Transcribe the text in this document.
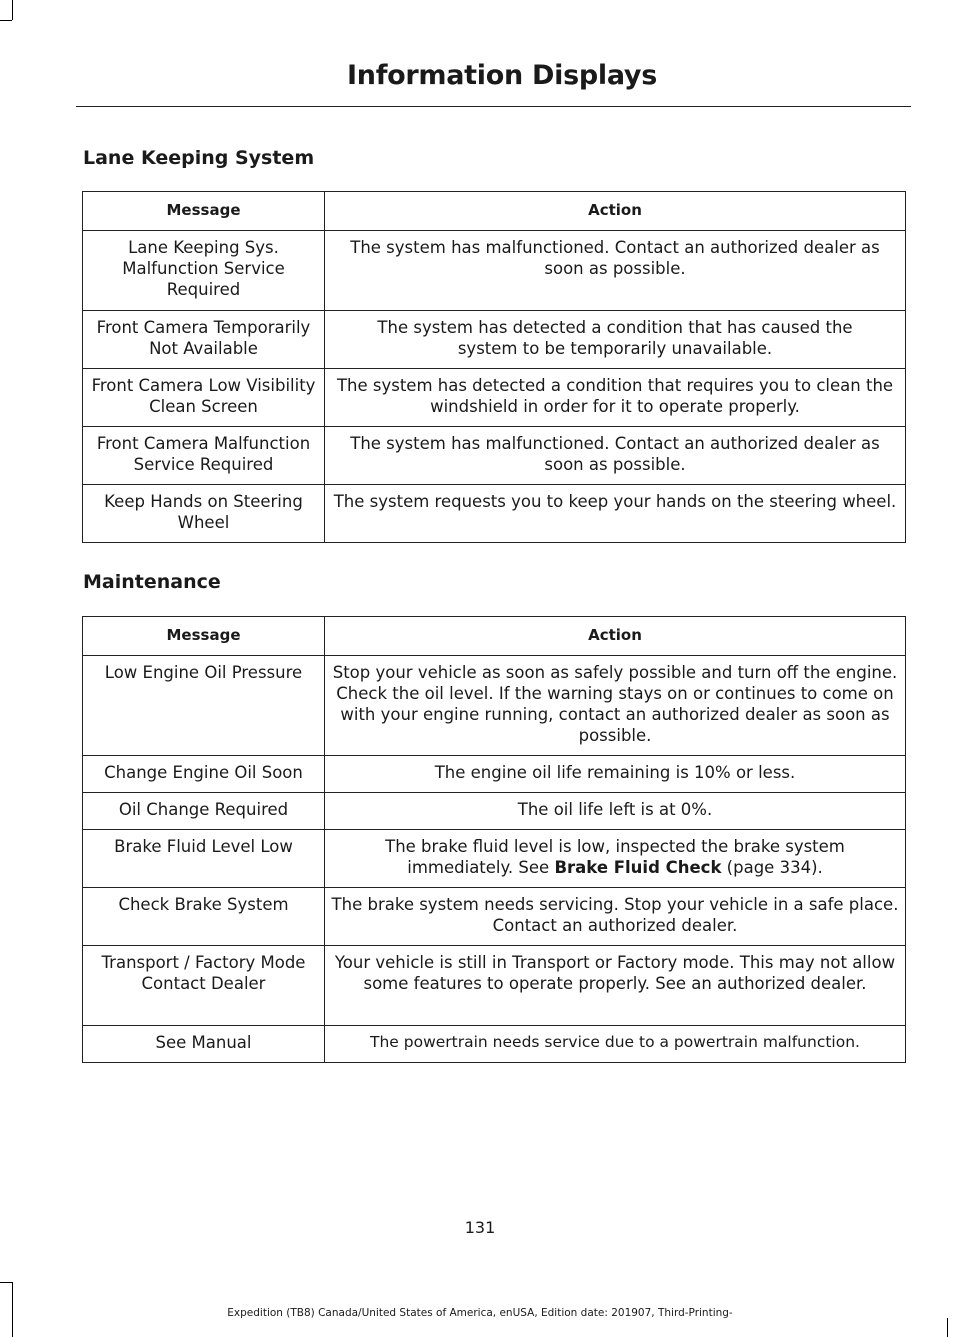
Information Displays
Lane Keeping System
Message	Action
Lane Keeping Sys. Malfunction Service Required	The system has malfunctioned. Contact an authorized dealer as soon as possible.
Front Camera Temporarily Not Available	The system has detected a condition that has caused the system to be temporarily unavailable.
Front Camera Low Visibility Clean Screen	The system has detected a condition that requires you to clean the windshield in order for it to operate properly.
Front Camera Malfunction Service Required	The system has malfunctioned. Contact an authorized dealer as soon as possible.
Keep Hands on Steering Wheel	The system requests you to keep your hands on the steering wheel.
Maintenance
Message	Action
Low Engine Oil Pressure	Stop your vehicle as soon as safely possible and turn off the engine. Check the oil level. If the warning stays on or continues to come on with your engine running, contact an authorized dealer as soon as possible.
Change Engine Oil Soon	The engine oil life remaining is 10% or less.
Oil Change Required	The oil life left is at 0%.
Brake Fluid Level Low	The brake fluid level is low, inspected the brake system immediately. See Brake Fluid Check (page 334).
Check Brake System	The brake system needs servicing. Stop your vehicle in a safe place. Contact an authorized dealer.
Transport / Factory Mode Contact Dealer	Your vehicle is still in Transport or Factory mode. This may not allow some features to operate properly. See an authorized dealer.
See Manual	The powertrain needs service due to a powertrain malfunction.
131
Expedition (TB8) Canada/United States of America, enUSA, Edition date: 201907, Third-Printing-
